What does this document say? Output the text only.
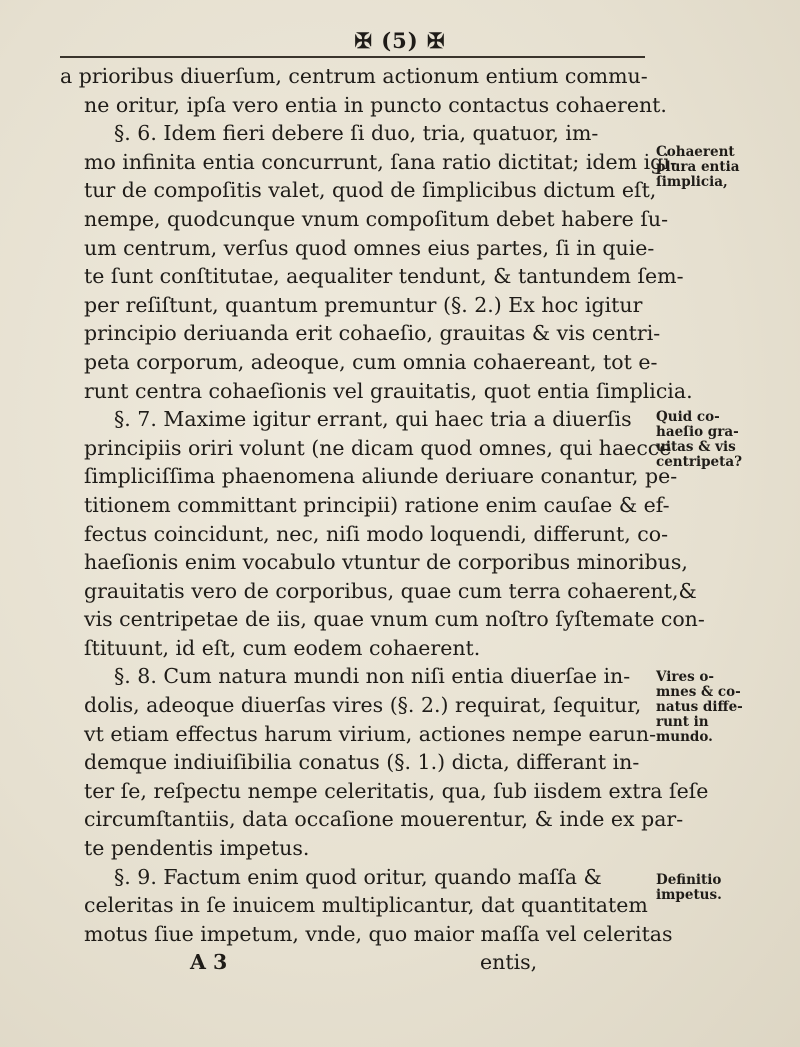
✠ (5) ✠
a prioribus diuerſum, centrum actionum entium commu-
ne oritur, ipſa vero entia in puncto contactus cohaerent.
§. 6. Idem fieri debere ſi duo, tria, quatuor, im-
mo infinita entia concurrunt, ſana ratio dictitat; idem igi-
tur de compoſitis valet, quod de ſimplicibus dictum eſt,
nempe, quodcunque vnum compoſitum debet habere ſu-
um centrum, verſus quod omnes eius partes, ſi in quie-
te ſunt conſtitutae, aequaliter tendunt, & tantundem ſem-
per reſiſtunt, quantum premuntur (§. 2.) Ex hoc igitur
principio deriuanda erit cohaeſio, grauitas & vis centri-
peta corporum, adeoque, cum omnia cohaereant, tot e-
runt centra cohaeſionis vel grauitatis, quot entia ſimplicia.
§. 7. Maxime igitur errant, qui haec tria a diuerſis
principiis oriri volunt (ne dicam quod omnes, qui haecce
ſimpliciſſima phaenomena aliunde deriuare conantur, pe-
titionem committant principii) ratione enim cauſae & ef-
fectus coincidunt, nec, niſi modo loquendi, differunt, co-
haeſionis enim vocabulo vtuntur de corporibus minoribus,
grauitatis vero de corporibus, quae cum terra cohaerent,&
vis centripetae de iis, quae vnum cum noſtro ſyſtemate con-
ſtituunt, id eſt, cum eodem cohaerent.
§. 8. Cum natura mundi non niſi entia diuerſae in-
dolis, adeoque diuerſas vires (§. 2.) requirat, ſequitur,
vt etiam effectus harum virium, actiones nempe earun-
demque indiuiſibilia conatus (§. 1.) dicta, differant in-
ter ſe, reſpectu nempe celeritatis, qua, ſub iisdem extra ſeſe
circumſtantiis, data occaſione mouerentur, & inde ex par-
te pendentis impetus.
§. 9. Factum enim quod oritur, quando maſſa &
celeritas in ſe inuicem multiplicantur, dat quantitatem
motus ſiue impetum, vnde, quo maior maſſa vel celeritas
A 3	entis,
Cohaerent
plura entia
ſimplicia,
Quid co-
haeſio gra-
uitas & vis
centripeta?
Vires o-
mnes & co-
natus diffe-
runt in
mundo.
Definitio
impetus.
